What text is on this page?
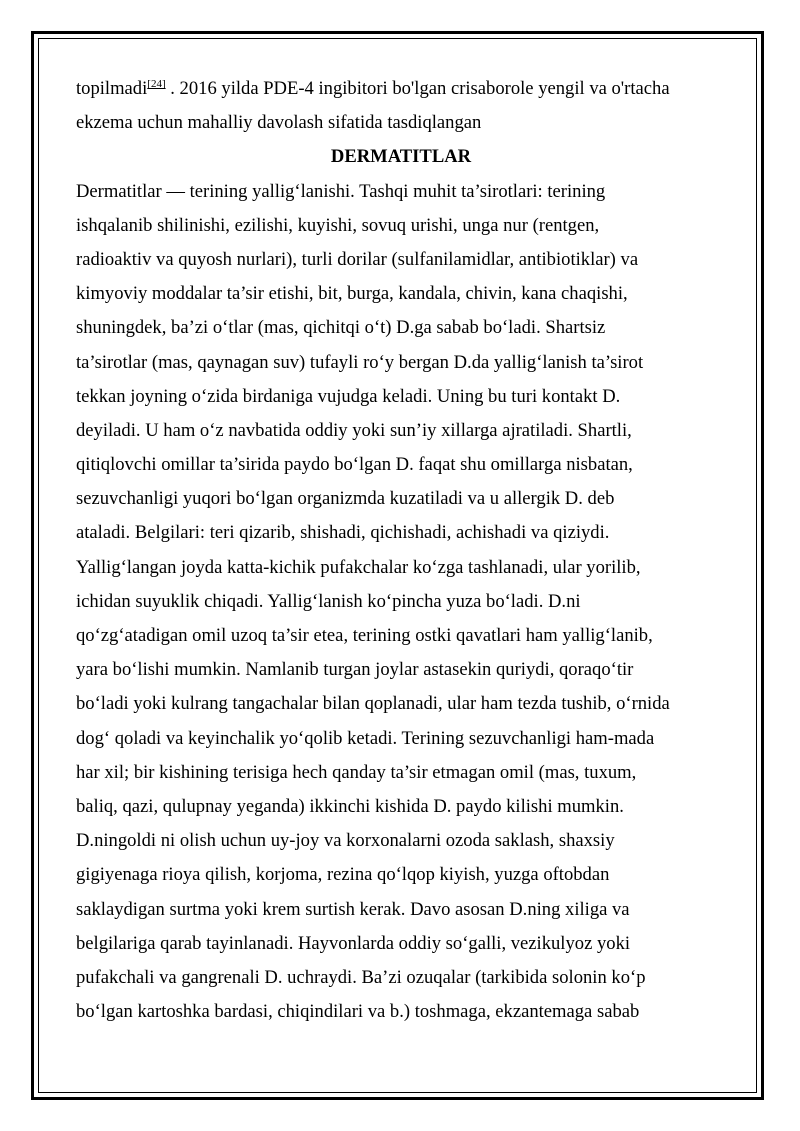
topilmadi[24] . 2016 yilda PDE-4 ingibitori bo'lgan crisaborole yengil va o'rtacha
ekzema uchun mahalliy davolash sifatida tasdiqlangan
DERMATITLAR
Dermatitlar — terining yallig‘lanishi. Tashqi muhit ta’sirotlari: terining
ishqalanib shilinishi, ezilishi, kuyishi, sovuq urishi, unga nur (rentgen,
radioaktiv va quyosh nurlari), turli dorilar (sulfanilamidlar, antibiotiklar) va
kimyoviy moddalar ta’sir etishi, bit, burga, kandala, chivin, kana chaqishi,
shuningdek, ba’zi o‘tlar (mas, qichitqi o‘t) D.ga sabab bo‘ladi. Shartsiz
ta’sirotlar (mas, qaynagan suv) tufayli ro‘y bergan D.da yallig‘lanish ta’sirot
tekkan joyning o‘zida birdaniga vujudga keladi. Uning bu turi kontakt D.
deyiladi. U ham o‘z navbatida oddiy yoki sun’iy xillarga ajratiladi. Shartli,
qitiqlovchi omillar ta’sirida paydo bo‘lgan D. faqat shu omillarga nisbatan,
sezuvchanligi yuqori bo‘lgan organizmda kuzatiladi va u allergik D. deb
ataladi. Belgilari: teri qizarib, shishadi, qichishadi, achishadi va qiziydi.
Yallig‘langan joyda katta-kichik pufakchalar ko‘zga tashlanadi, ular yorilib,
ichidan suyuklik chiqadi. Yallig‘lanish ko‘pincha yuza bo‘ladi. D.ni
qo‘zg‘atadigan omil uzoq ta’sir etea, terining ostki qavatlari ham yallig‘lanib,
yara bo‘lishi mumkin. Namlanib turgan joylar astasekin quriydi, qoraqo‘tir
bo‘ladi yoki kulrang tangachalar bilan qoplanadi, ular ham tezda tushib, o‘rnida
dog‘ qoladi va keyinchalik yo‘qolib ketadi. Terining sezuvchanligi ham-mada
har xil; bir kishining terisiga hech qanday ta’sir etmagan omil (mas, tuxum,
baliq, qazi, qulupnay yeganda) ikkinchi kishida D. paydo kilishi mumkin.
D.ningoldi ni olish uchun uy-joy va korxonalarni ozoda saklash, shaxsiy
gigiyenaga rioya qilish, korjoma, rezina qo‘lqop kiyish, yuzga oftobdan
saklaydigan surtma yoki krem surtish kerak. Davo asosan D.ning xiliga va
belgilariga qarab tayinlanadi. Hayvonlarda oddiy so‘galli, vezikulyoz yoki
pufakchali va gangrenali D. uchraydi. Ba’zi ozuqalar (tarkibida solonin ko‘p
bo‘lgan kartoshka bardasi, chiqindilari va b.) toshmaga, ekzantemaga sabab
